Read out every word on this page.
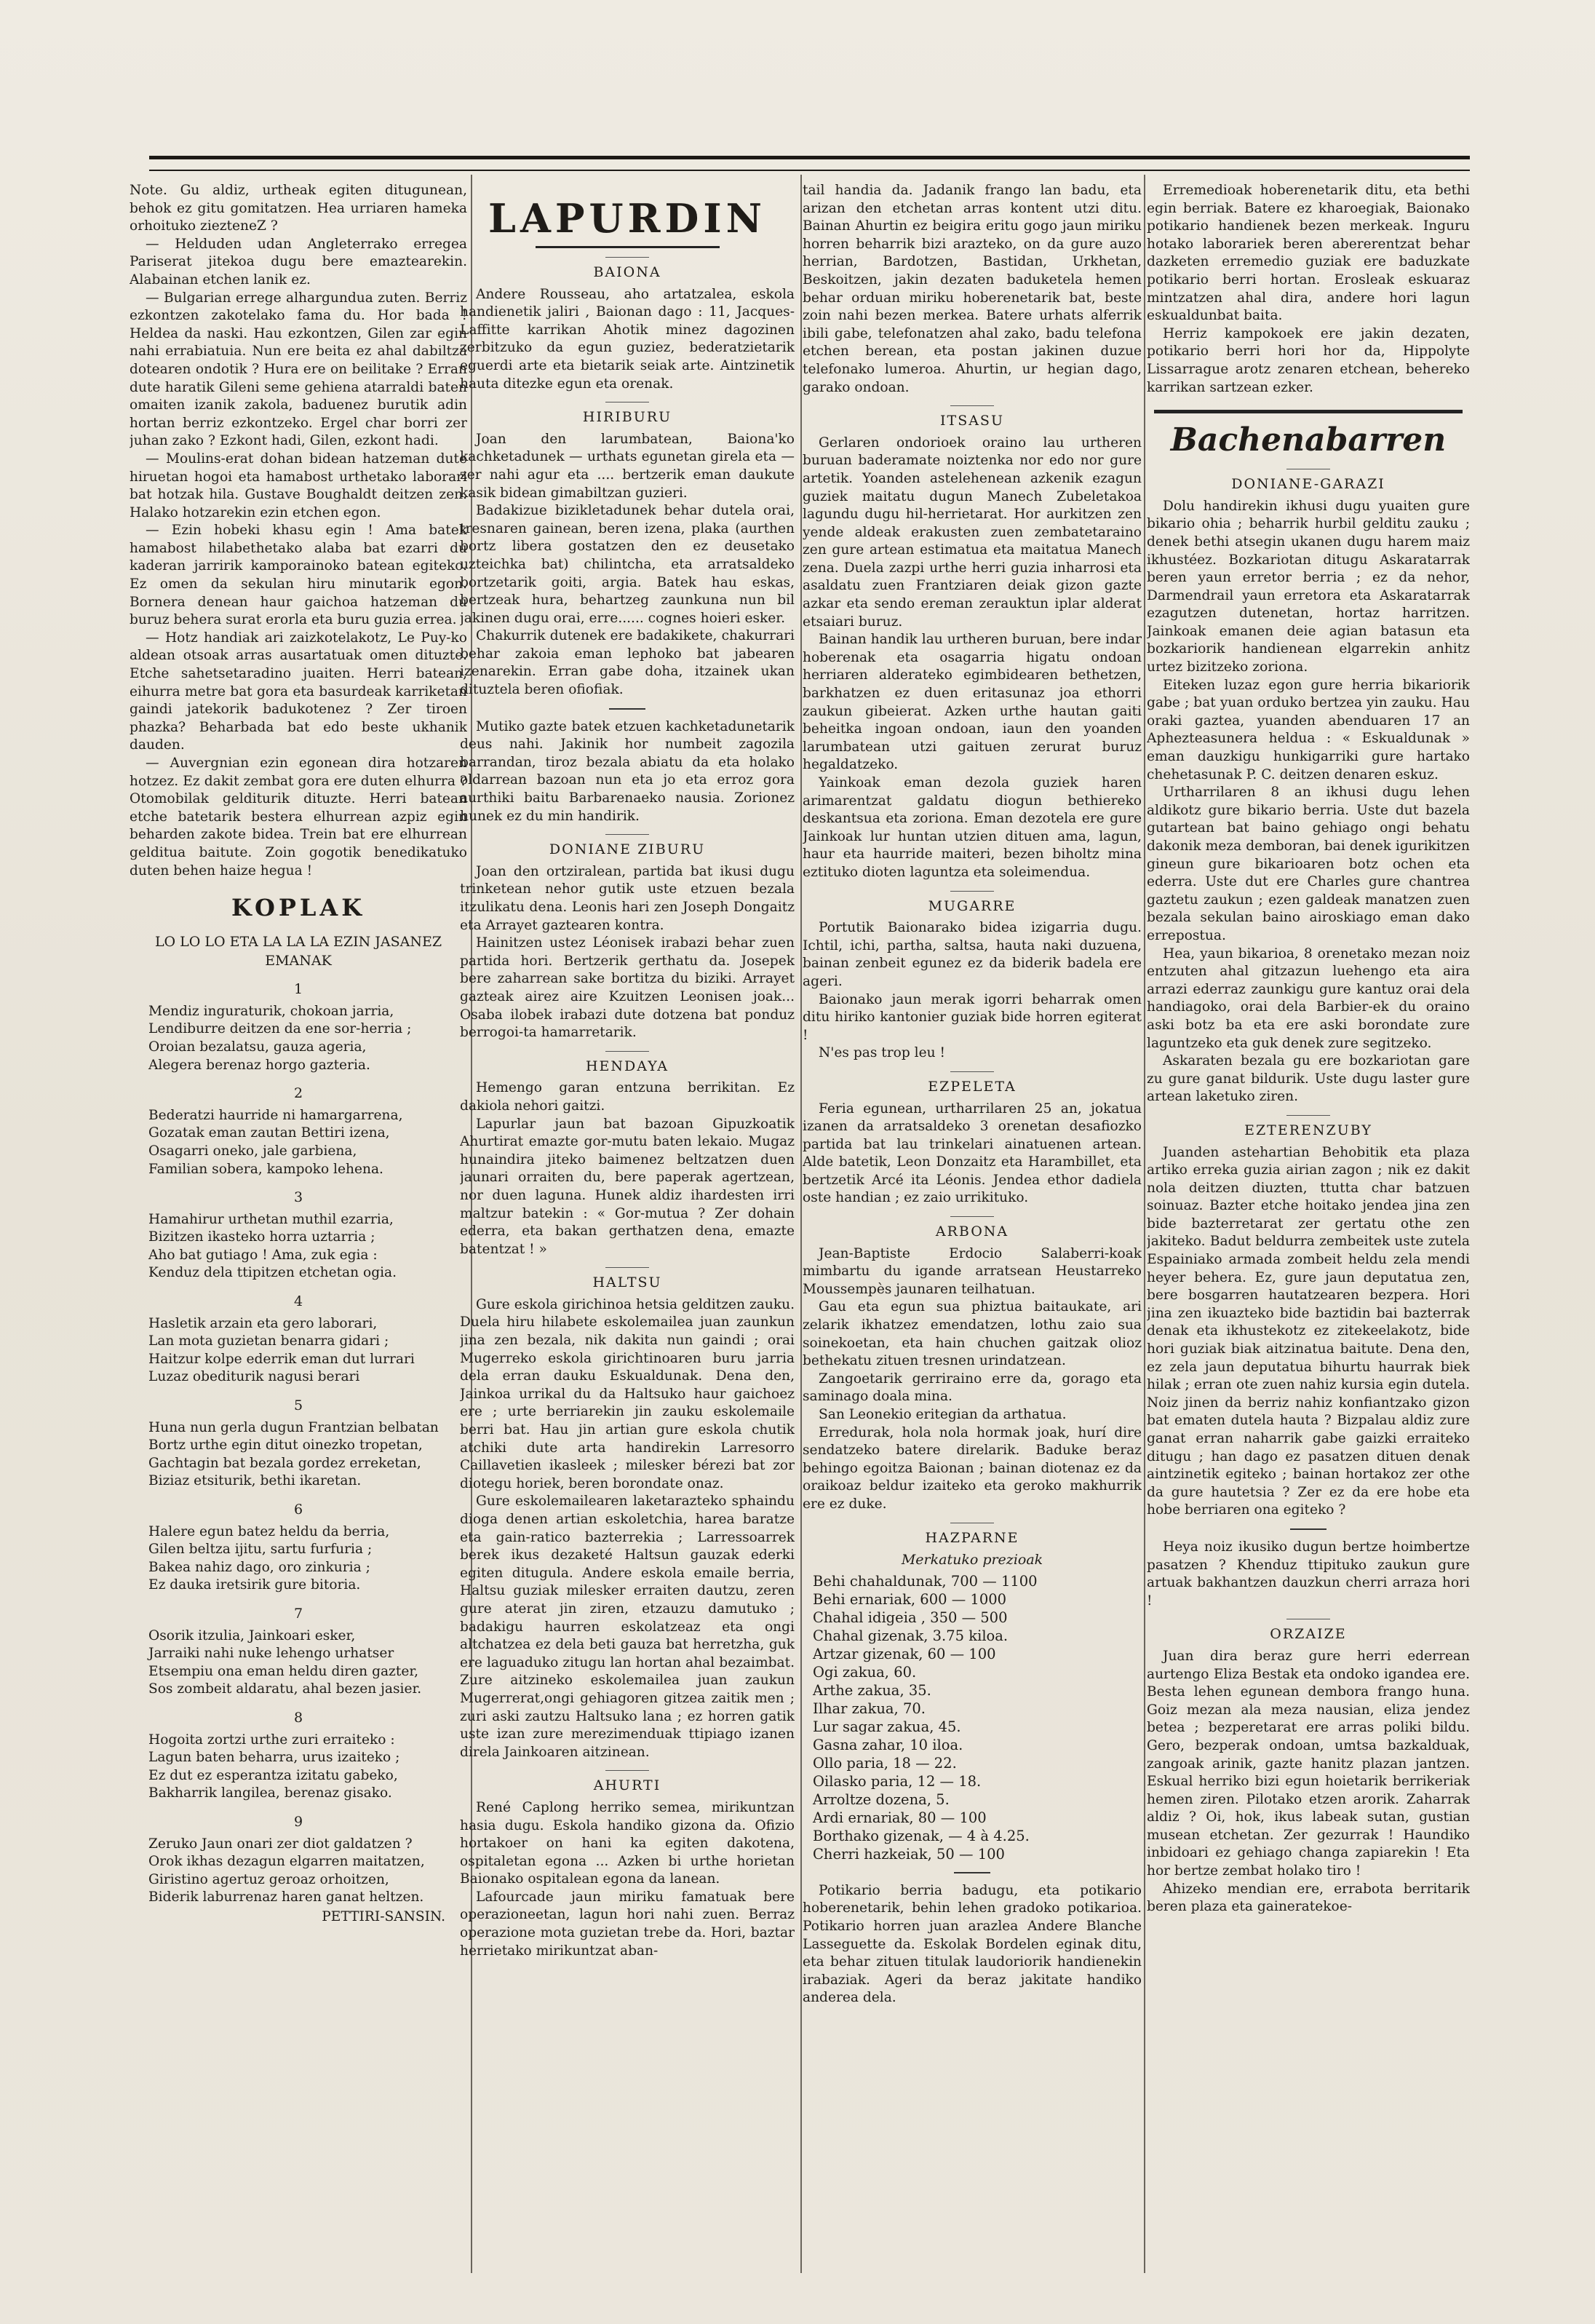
Note. Gu aldiz, urtheak egiten ditugunean, behok ez gitu gomitatzen. Hea urriaren hameka orhoituko ziezteneZ ?

— Helduden udan Angleterrako erregea Pariserat jitekoa dugu bere emaztearekin. Alabainan etchen lanik ez.

— Bulgarian errege alhargundua zuten. Berriz ezkontzen zakotelako fama du. Hor bada ! Heldea da naski. Hau ezkontzen, Gilen zar egin nahi errabiatuia. Nun ere beita ez ahal dabiltza dotearen ondotik ? Hura ere on beilitake ? Erran dute haratik Gileni seme gehiena atarraldi baten omaiten izanik zakola, baduenez burutik adin hortan berriz ezkontzeko. Ergel char borri zer juhan zako ? Ezkont hadi, Gilen, ezkont hadi.

— Moulins-erat dohan bidean hatzeman dute hiruetan hogoi eta hamabost urthetako laborari bat hotzak hila. Gustave Boughaldt deitzen zen. Halako hotzarekin ezin etchen egon.

— Ezin hobeki khasu egin ! Ama batek hamabost hilabethetako alaba bat ezarri du kaderan jarririk kamporainoko batean egiteko. Ez omen da sekulan hiru minutarik egon. Bornera denean haur gaichoa hatzeman du buruz behera surat erorla eta buru guzia errea.

— Hotz handiak ari zaizkotelakotz, Le Puy-ko aldean otsoak arras ausartatuak omen dituzte. Etche sahetsetaradino juaiten. Herri batean, eihurra metre bat gora eta basurdeak karriketan gaindi jatekorik badukotenez ? Zer tiroen phazka? Beharbada bat edo beste ukhanik dauden.

— Auvergnian ezin egonean dira hotzaren hotzez. Ez dakit zembat gora ere duten elhurra ? Otomobilak gelditurik dituzte. Herri batean etche batetarik bestera elhurrean azpiz egin beharden zakote bidea. Trein bat ere elhurrean gelditua baitute. Zoin gogotik benedikatuko duten behen haize hegua !

KOPLAK
LO LO LO ETA LA LA LA EZIN JASANEZ EMANAK
1

Mendiz inguraturik, chokoan jarria,

Lendiburre deitzen da ene sor-herria ;

Oroian bezalatsu, gauza ageria,

Alegera berenaz horgo gazteria.

2

Bederatzi haurride ni hamargarrena,

Gozatak eman zautan Bettiri izena,

Osagarri oneko, jale garbiena,

Familian sobera, kampoko lehena.

3

Hamahirur urthetan muthil ezarria,

Bizitzen ikasteko horra uztarria ;

Aho bat gutiago ! Ama, zuk egia :

Kenduz dela ttipitzen etchetan ogia.

4

Hasletik arzain eta gero laborari,

Lan mota guzietan benarra gidari ;

Haitzur kolpe ederrik eman dut lurrari

Luzaz obediturik nagusi berari

5

Huna nun gerla dugun Frantzian belbatan

Bortz urthe egin ditut oinezko tropetan,

Gachtagin bat bezala gordez erreketan,

Biziaz etsiturik, bethi ikaretan.

6

Halere egun batez heldu da berria,

Gilen beltza ijitu, sartu furfuria ;

Bakea nahiz dago, oro zinkuria ;

Ez dauka iretsirik gure bitoria.

7

Osorik itzulia, Jainkoari esker,

Jarraiki nahi nuke lehengo urhatser

Etsempiu ona eman heldu diren gazter,

Sos zombeit aldaratu, ahal bezen jasier.

8

Hogoita zortzi urthe zuri erraiteko :

Lagun baten beharra, urus izaiteko ;

Ez dut ez esperantza izitatu gabeko,

Bakharrik langilea, berenaz gisako.

9

Zeruko Jaun onari zer diot galdatzen ?

Orok ikhas dezagun elgarren maitatzen,

Giristino agertuz geroaz orhoitzen,

Biderik laburrenaz haren ganat heltzen.

PETTIRI-SANSIN.
LAPURDIN
BAIONA

Andere Rousseau, aho artatzalea, eskola handienetik jaliri , Baionan dago : 11, Jacques-Laffitte karrikan Ahotik minez dagozinen zerbitzuko da egun guziez, bederatzietarik eguerdi arte eta bietarik seiak arte. Aintzinetik hauta ditezke egun eta orenak.

HIRIBURU

Joan den larumbatean, Baiona'ko kachketadunek — urthats egunetan girela eta — zer nahi agur eta .... bertzerik eman daukute kasik bidean gimabiltzan guzieri.

Badakizue bizikletadunek behar dutela orai, tresnaren gainean, beren izena, plaka (aurthen bortz libera gostatzen den ez deusetako uzteichka bat) chilintcha, eta arratsaldeko bortzetarik goiti, argia. Batek hau eskas, bertzeak hura, behartzeg zaunkuna nun bil jakinen dugu orai, erre...... cognes hoieri esker.

Chakurrik dutenek ere badakikete, chakurrari behar zakoia eman lephoko bat jabearen izenarekin. Erran gabe doha, itzainek ukan dituztela beren ofiofiak.

Mutiko gazte batek etzuen kachketadunetarik deus nahi. Jakinik hor numbeit zagozila barrandan, tiroz bezala abiatu da eta holako oldarrean bazoan nun eta jo eta erroz gora aurthiki baitu Barbarenaeko nausia. Zorionez hunek ez du min handirik.

DONIANE ZIBURU

Joan den ortziralean, partida bat ikusi dugu trinketean nehor gutik uste etzuen bezala itzulikatu dena. Leonis hari zen Joseph Dongaitz eta Arrayet gaztearen kontra.

Hainitzen ustez Léonisek irabazi behar zuen partida hori. Bertzerik gerthatu da. Josepek bere zaharrean sake bortitza du biziki. Arrayet gazteak airez aire Kzuitzen Leonisen joak... Osaba ilobek irabazi dute dotzena bat ponduz berrogoi-ta hamarretarik.

HENDAYA

Hemengo garan entzuna berrikitan. Ez dakiola nehori gaitzi.

Lapurlar jaun bat bazoan Gipuzkoatik Ahurtirat emazte gor-mutu baten lekaio. Mugaz hunaindira jiteko baimenez beltzatzen duen jaunari orraiten du, bere paperak agertzean, nor duen laguna. Hunek aldiz ihardesten irri maltzur batekin : « Gor-mutua ? Zer dohain ederra, eta bakan gerthatzen dena, emazte batentzat ! »

HALTSU

Gure eskola girichinoa hetsia gelditzen zauku. Duela hiru hilabete eskolemailea juan zaunkun jina zen bezala, nik dakita nun gaindi ; orai Mugerreko eskola girichtinoaren buru jarria dela erran dauku Eskualdunak. Dena den, Jainkoa urrikal du da Haltsuko haur gaichoez ere ; urte berriarekin jin zauku eskolemaile berri bat. Hau jin artian gure eskola chutik atchiki dute arta handirekin Larresorro Caillavetien ikasleek ; milesker bérezi bat zor diotegu horiek, beren borondate onaz.

Gure eskolemailearen laketarazteko sphaindu dioga denen artian eskoletchia, harea baratze eta gain-ratico bazterrekia ; Larressoarrek berek ikus dezaketé Haltsun gauzak ederki egiten ditugula. Andere eskola emaile berria, Haltsu guziak milesker erraiten dautzu, zeren gure aterat jin ziren, etzauzu damutuko ; badakigu haurren eskolatzeaz eta ongi altchatzea ez dela beti gauza bat herretzha, guk ere laguaduko zitugu lan hortan ahal bezaimbat. Zure aitzineko eskolemailea juan zaukun Mugerrerat,ongi gehiagoren gitzea zaitik men ; zuri aski zautzu Haltsuko lana ; ez horren gatik uste izan zure merezimenduak ttipiago izanen direla Jainkoaren aitzinean.

AHURTI

René Caplong herriko semea, mirikuntzan hasia dugu. Eskola handiko gizona da. Ofizio hortakoer on hani ka egiten dakotena, ospitaletan egona ... Azken bi urthe horietan Baionako ospitalean egona da lanean.

Lafourcade jaun miriku famatuak bere operazioneetan, lagun hori nahi zuen. Berraz operazione mota guzietan trebe da. Hori, baztar herrietako mirikuntzat aban-

tail handia da. Jadanik frango lan badu, eta arizan den etchetan arras kontent utzi ditu. Bainan Ahurtin ez beigira eritu gogo jaun miriku horren beharrik bizi arazteko, on da gure auzo herrian, Bardotzen, Bastidan, Urkhetan, Beskoitzen, jakin dezaten baduketela hemen behar orduan miriku hoberenetarik bat, beste zoin nahi bezen merkea. Batere urhats alferrik ibili gabe, telefonatzen ahal zako, badu telefona etchen berean, eta postan jakinen duzue telefonako lumeroa. Ahurtin, ur hegian dago, garako ondoan.

ITSASU

Gerlaren ondorioek oraino lau urtheren buruan baderamate noiztenka nor edo nor gure artetik. Yoanden astelehenean azkenik ezagun guziek maitatu dugun Manech Zubeletakoa lagundu dugu hil-herrietarat. Hor aurkitzen zen yende aldeak erakusten zuen zembatetaraino zen gure artean estimatua eta maitatua Manech zena. Duela zazpi urthe herri guzia inharrosi eta asaldatu zuen Frantziaren deiak gizon gazte azkar eta sendo ereman zerauktun iplar alderat etsaiari buruz.

Bainan handik lau urtheren buruan, bere indar hoberenak eta osagarria higatu ondoan herriaren alderateko egimbidearen bethetzen, barkhatzen ez duen eritasunaz joa ethorri zaukun gibeierat. Azken urthe hautan gaiti beheitka ingoan ondoan, iaun den yoanden larumbatean utzi gaituen zerurat buruz hegaldatzeko.

Yainkoak eman dezola guziek haren arimarentzat galdatu diogun bethiereko deskantsua eta zoriona. Eman dezotela ere gure Jainkoak lur huntan utzien dituen ama, lagun, haur eta haurride maiteri, bezen biholtz mina eztituko dioten laguntza eta soleimendua.

MUGARRE

Portutik Baionarako bidea izigarria dugu. Ichtil, ichi, partha, saltsa, hauta naki duzuena, bainan zenbeit egunez ez da biderik badela ere ageri.

Baionako jaun merak igorri beharrak omen ditu hiriko kantonier guziak bide horren egiterat !

N'es pas trop leu !

EZPELETA

Feria egunean, urtharrilaren 25 an, jokatua izanen da arratsaldeko 3 orenetan desafiozko partida bat lau trinkelari ainatuenen artean. Alde batetik, Leon Donzaitz eta Harambillet, eta bertzetik Arcé ita Léonis. Jendea ethor dadiela oste handian ; ez zaio urrikituko.

ARBONA

Jean-Baptiste Erdocio Salaberri-koak mimbartu du igande arratsean Heustarreko Moussempès jaunaren teilhatuan.

Gau eta egun sua phiztua baitaukate, ari zelarik ikhatzez emendatzen, lothu zaio sua soinekoetan, eta hain chuchen gaitzak olioz bethekatu zituen tresnen urindatzean.

Zangoetarik gerriraino erre da, gorago eta saminago doala mina.

San Leonekio eritegian da arthatua.

Erredurak, hola nola hormak joak, hurí dire sendatzeko batere direlarik. Baduke beraz behingo egoitza Baionan ; bainan diotenaz ez da oraikoaz beldur izaiteko eta geroko makhurrik ere ez duke.

HAZPARNE
Merkatuko prezioak
Behi chahaldunak, 700 — 1100
Behi ernariak, 600 — 1000
Chahal idigeia , 350 — 500
Chahal gizenak, 3.75 kiloa.
Artzar gizenak, 60 — 100
Ogi zakua, 60.
Arthe zakua, 35.
Ilhar zakua, 70.
Lur sagar zakua, 45.
Gasna zahar, 10 iloa.
Ollo paria, 18 — 22.
Oilasko paria, 12 — 18.
Arroltze dozena, 5.
Ardi ernariak, 80 — 100
Borthako gizenak, — 4 à 4.25.
Cherri hazkeiak, 50 — 100

Potikario berria badugu, eta potikario hoberenetarik, behin lehen gradoko potikarioa. Potikario horren juan arazlea Andere Blanche Lasseguette da. Eskolak Bordelen eginak ditu, eta behar zituen titulak laudoriorik handienekin irabaziak. Ageri da beraz jakitate handiko anderea dela.

Erremedioak hoberenetarik ditu, eta bethi egin berriak. Batere ez kharoegiak, Baionako potikario handienek bezen merkeak. Inguru hotako laborariek beren abererentzat behar dazketen erremedio guziak ere baduzkate potikario berri hortan. Erosleak eskuaraz mintzatzen ahal dira, andere hori lagun eskualdunbat baita.

Herriz kampokoek ere jakin dezaten, potikario berri hori hor da, Hippolyte Lissarrague arotz zenaren etchean, behereko karrikan sartzean ezker.

Bachenabarren
DONIANE-GARAZI

Dolu handirekin ikhusi dugu yuaiten gure bikario ohia ; beharrik hurbil gelditu zauku ; denek bethi atsegin ukanen dugu harem maiz ikhustéez. Bozkariotan ditugu Askaratarrak beren yaun erretor berria ; ez da nehor, Darmendrail yaun erretora eta Askaratarrak ezagutzen dutenetan, hortaz harritzen. Jainkoak emanen deie agian batasun eta bozkariorik handienean elgarrekin anhitz urtez bizitzeko zoriona.

Eiteken luzaz egon gure herria bikariorik gabe ; bat yuan orduko bertzea yin zauku. Hau oraki gaztea, yuanden abenduaren 17 an Aphezteasunera heldua : « Eskualdunak » eman dauzkigu hunkigarriki gure hartako chehetasunak P. C. deitzen denaren eskuz.

Urtharrilaren 8 an ikhusi dugu lehen aldikotz gure bikario berria. Uste dut bazela gutartean bat baino gehiago ongi behatu dakonik meza demboran, bai denek igurikitzen gineun gure bikarioaren botz ochen eta ederra. Uste dut ere Charles gure chantrea gaztetu zaukun ; ezen galdeak manatzen zuen bezala sekulan baino airoskiago eman dako errepostua.

Hea, yaun bikarioa, 8 orenetako mezan noiz entzuten ahal gitzazun luehengo eta aira arrazi ederraz zaunkigu gure kantuz orai dela handiagoko, orai dela Barbier-ek du oraino aski botz ba eta ere aski borondate zure laguntzeko eta guk denek zure segitzeko.

Askaraten bezala gu ere bozkariotan gare zu gure ganat bildurik. Uste dugu laster gure artean laketuko ziren.

EZTERENZUBY

Juanden astehartian Behobitik eta plaza artiko erreka guzia airian zagon ; nik ez dakit nola deitzen diuzten, ttutta char batzuen soinuaz. Bazter etche hoitako jendea jina zen bide bazterretarat zer gertatu othe zen jakiteko. Badut beldurra zembeitek uste zutela Espainiako armada zombeit heldu zela mendi heyer behera. Ez, gure jaun deputatua zen, bere bosgarren hautatzearen bezpera. Hori jina zen ikuazteko bide baztidin bai bazterrak denak eta ikhustekotz ez zitekeelakotz, bide hori guziak biak aitzinatua baitute. Dena den, ez zela jaun deputatua bihurtu haurrak biek hilak ; erran ote zuen nahiz kursia egin dutela. Noiz jinen da berriz nahiz konfiantzako gizon bat ematen dutela hauta ? Bizpalau aldiz zure ganat erran naharrik gabe gaizki erraiteko ditugu ; han dago ez pasatzen dituen denak aintzinetik egiteko ; bainan hortakoz zer othe da gure hautetsia ? Zer ez da ere hobe eta hobe berriaren ona egiteko ?

Heya noiz ikusiko dugun bertze hoimbertze pasatzen ? Khenduz ttipituko zaukun gure artuak bakhantzen dauzkun cherri arraza hori !

ORZAIZE

Juan dira beraz gure herri ederrean aurtengo Eliza Bestak eta ondoko igandea ere. Besta lehen egunean dembora frango huna. Goiz mezan ala meza nausian, eliza jendez betea ; bezperetarat ere arras poliki bildu. Gero, bezperak ondoan, umtsa bazkalduak, zangoak arinik, gazte hanitz plazan jantzen. Eskual herriko bizi egun hoietarik berrikeriak hemen ziren. Pilotako etzen arorik. Zaharrak aldiz ? Oi, hok, ikus labeak sutan, gustian musean etchetan. Zer gezurrak ! Haundiko inbidoari ez gehiago changa zapiarekin ! Eta hor bertze zembat holako tiro !

Ahizeko mendian ere, errabota berritarik beren plaza eta gaineratekoe-
